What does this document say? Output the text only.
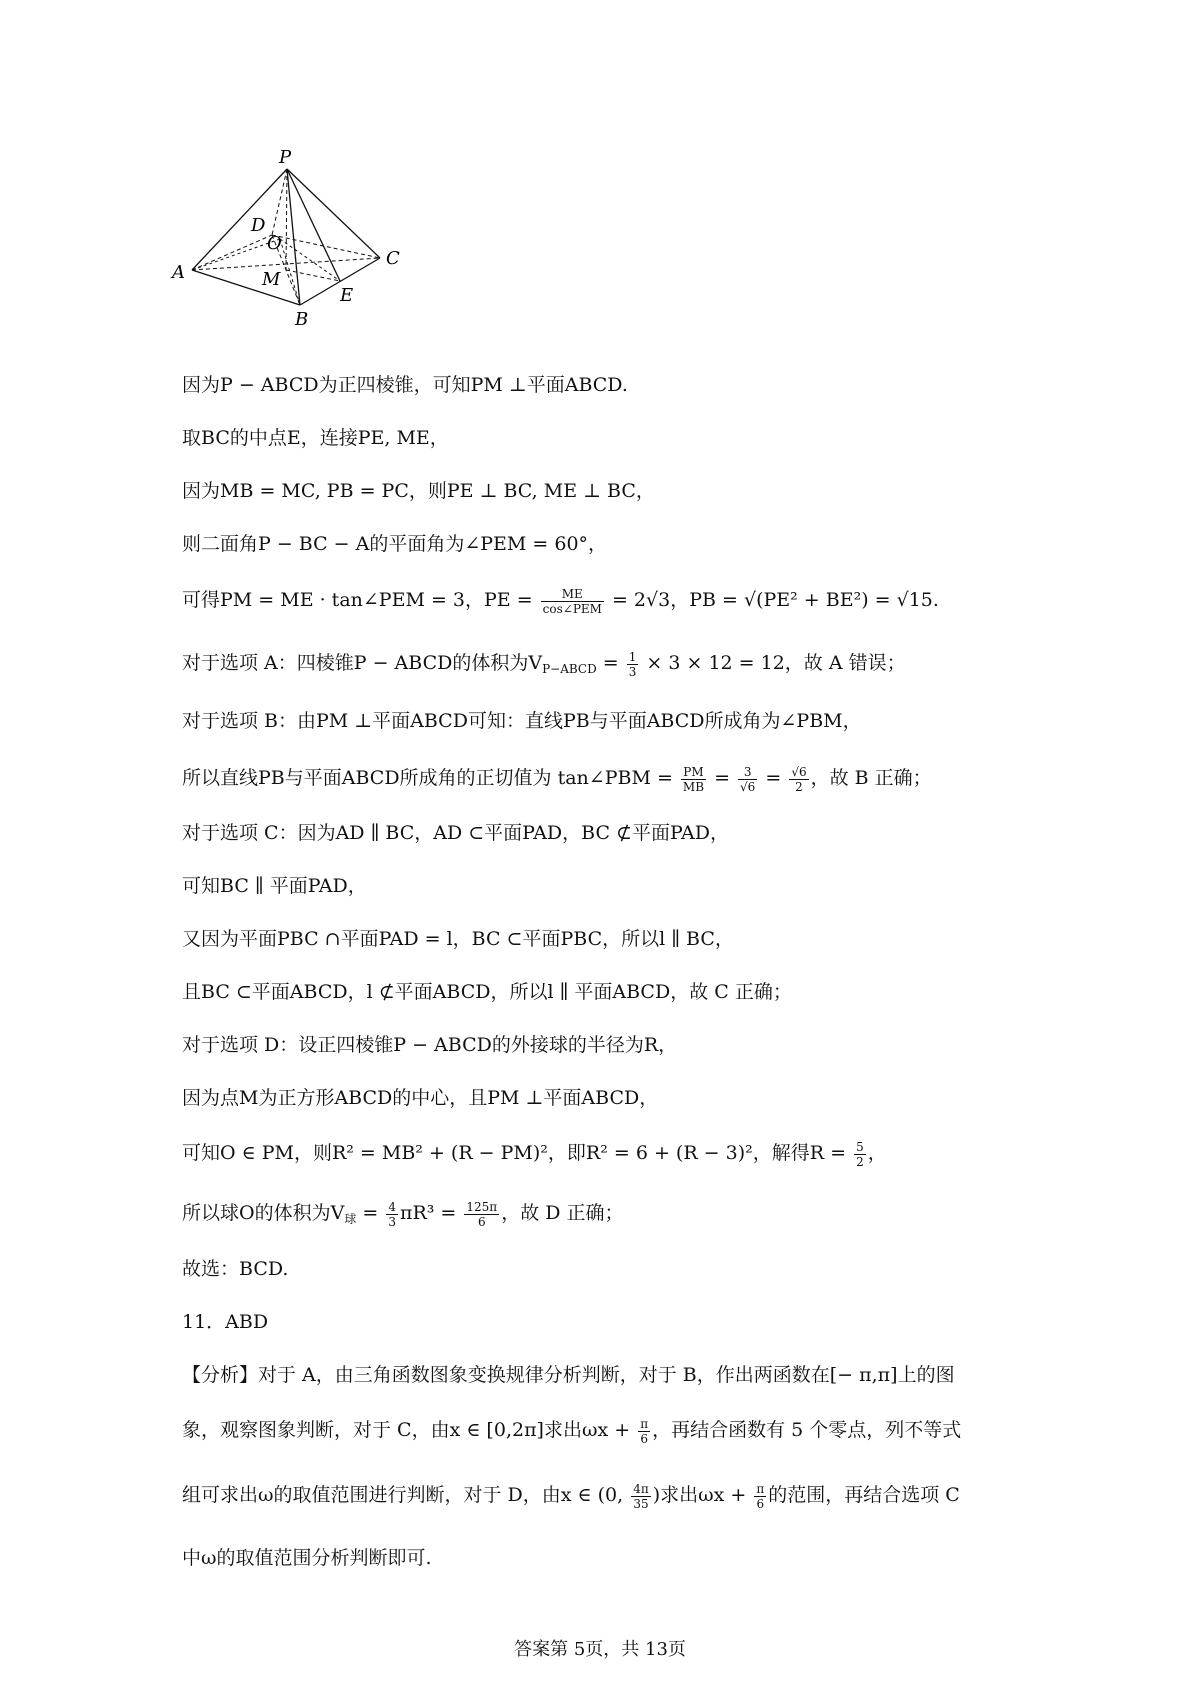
P
D
O
A	M
C
E
B
因为P − ABCD为正四棱锥，可知PM ⊥平面ABCD.
取BC的中点E，连接PE, ME，
因为MB = MC, PB = PC，则PE ⊥ BC, ME ⊥ BC，
则二面角P − BC − A的平面角为∠PEM = 60°，
可得PM = ME · tan∠PEM = 3，PE = $\frac{ME}{\text{cos∠PEM}} = 2√3$，PB = √(PE² + BE²) = √15.
对于选项 A：四棱锥P − ABCD的体积为$V_{P-ABCD} = \frac{1}{3} \times 3 \times 12 = 12$，故 A 错误；
对于选项 B：由PM ⊥平面ABCD可知：直线PB与平面ABCD所成角为∠PBM，
所以直线PB与平面ABCD所成角的正切值为 tan∠PBM = $\frac{PM}{MB} = \frac{3}{√6} = \frac{√6}{2}$ ，故 B 正确；
对于选项 C：因为AD ∥ BC，AD ⊂平面PAD，BC ⊄平面PAD，
可知BC ∥ 平面PAD，
又因为平面PBC ∩平面PAD = l，BC ⊂平面PBC，所以l ∥ BC，
且BC ⊂平面ABCD，l ⊄平面ABCD，所以l ∥ 平面ABCD，故 C 正确；
对于选项 D：设正四棱锥P − ABCD的外接球的半径为R，
因为点M为正方形ABCD的中心，且PM ⊥平面ABCD，
可知O ∈ PM，则R² = MB² + (R − PM)²，即R² = 6 + (R − 3)²，解得$R = \frac{5}{2}$ ，
所以球O的体积为$V_球 = \frac{4}{3} \pi R^3 = \frac{125\pi}{6}$ ，故 D 正确；
故选：BCD.
11．ABD
【分析】对于 A，由三角函数图象变换规律分析判断，对于 B，作出两函数在[− π,π]上的图
象，观察图象判断，对于 C，由x ∈ [0,2π]求出$\omega x + \frac{\pi}{6}$ ，再结合函数有 5 个零点，列不等式
组可求出ω的取值范围进行判断，对于 D，由x ∈ (0, $\frac{4\pi}{35}$ )求出$\omega x + \frac{\pi}{6}$ 的范围，再结合选项 C
中ω的取值范围分析判断即可.
答案第 5页，共 13页
